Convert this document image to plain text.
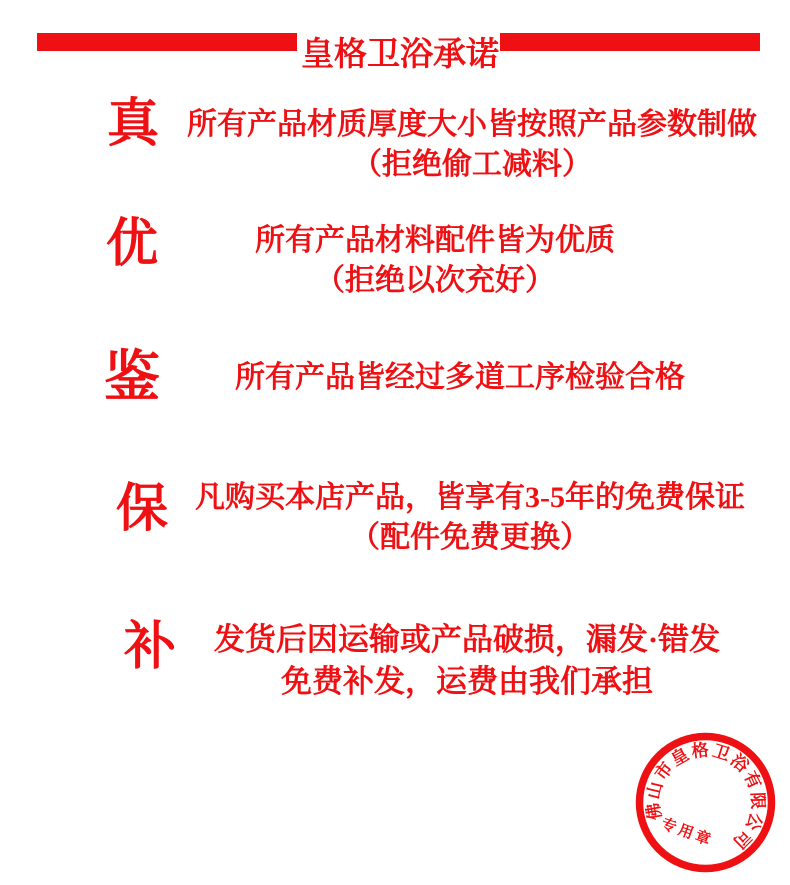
皇格卫浴承诺
真 所有产品材质厚度大小皆按照产品参数制做
（拒绝偷工减料）
优	所有产品材料配件皆为优质
（拒绝以次充好）
鉴	所有产品皆经过多道工序检验合格
保 凡购买本店产品，皆享有3-5年的免费保证
（配件免费更换）
补	发货后因运输或产品破损，漏发·错发
免费补发，运费由我们承担
佛
山
市
皇
格 卫
浴
有
限
公
司
专用章
